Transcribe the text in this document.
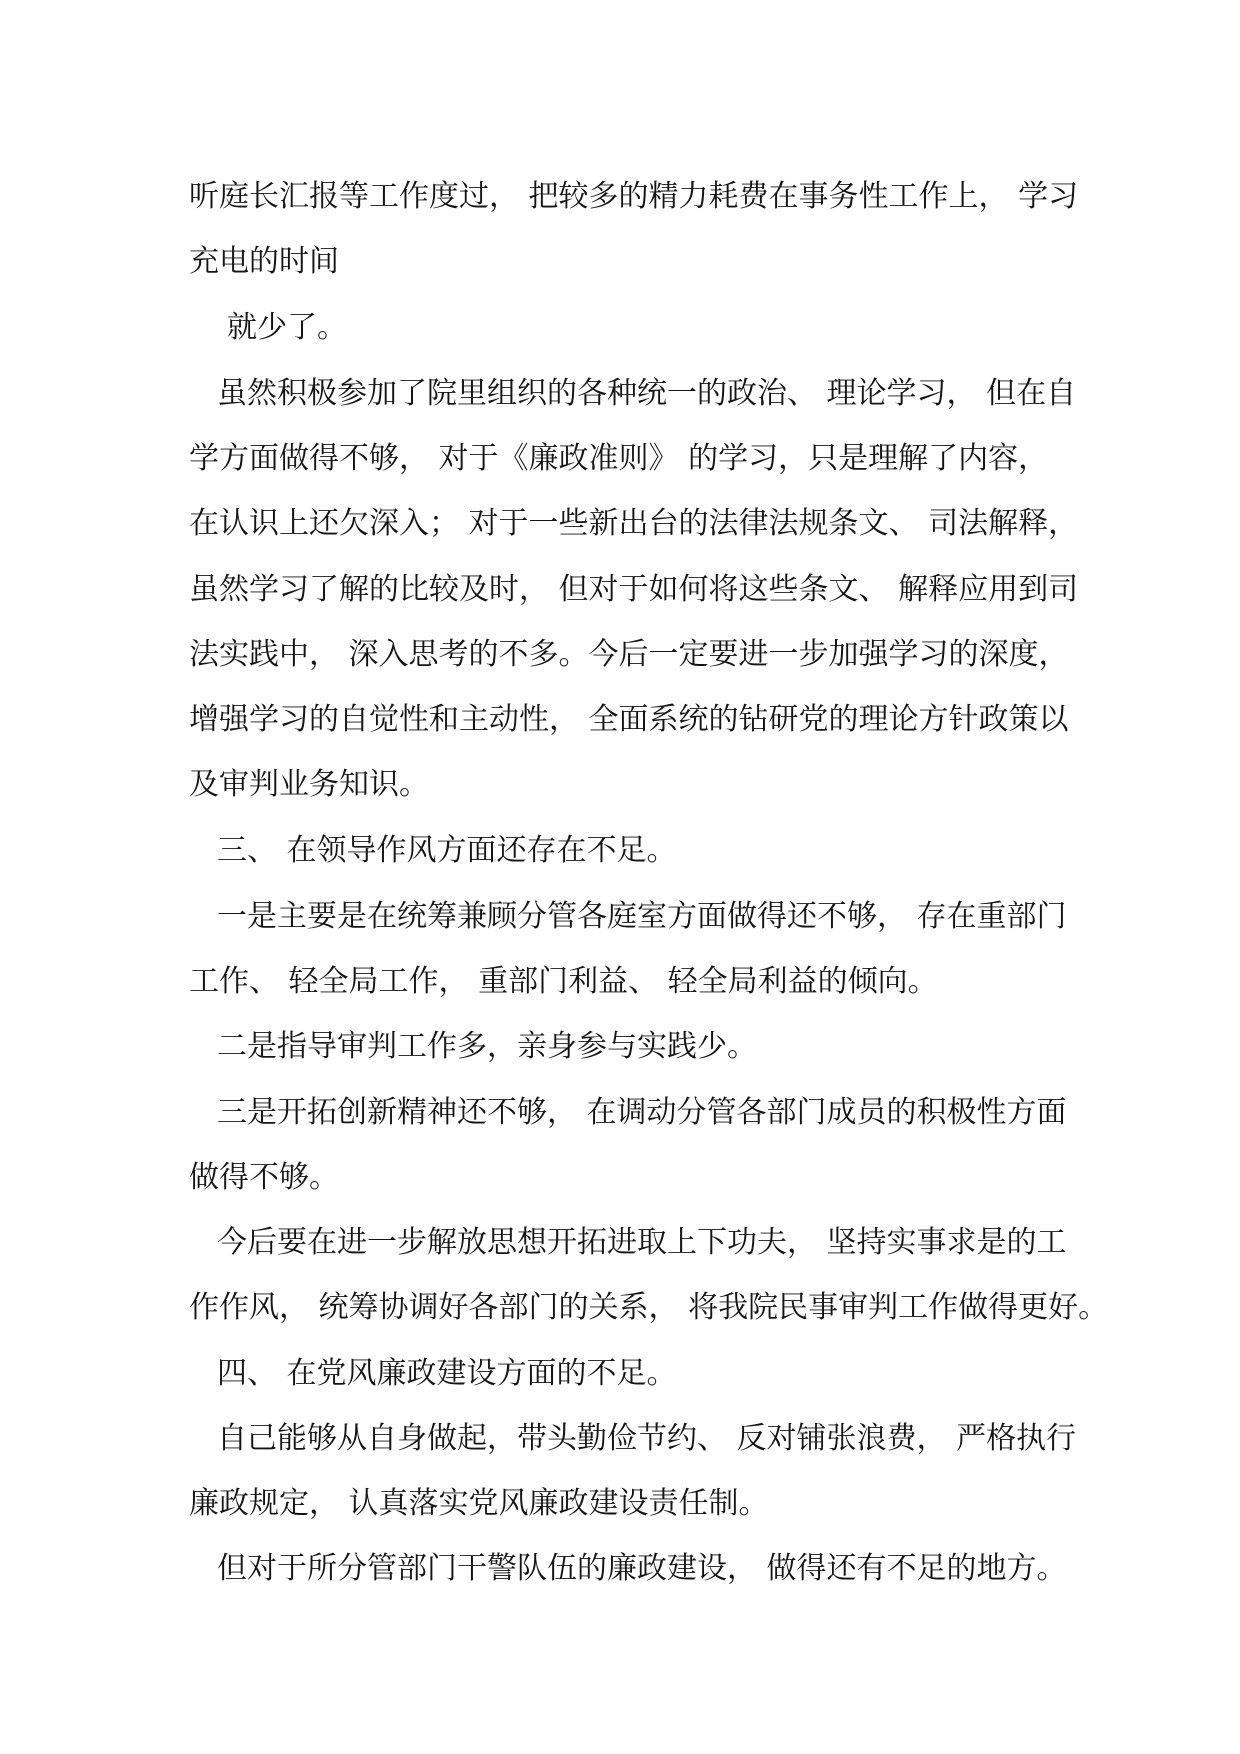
听庭长汇报等工作度过， 把较多的精力耗费在事务性工作上， 学习
充电的时间
就少了。
虽然积极参加了院里组织的各种统一的政治、 理论学习， 但在自
学方面做得不够， 对于《廉政准则》 的学习，只是理解了内容，
在认识上还欠深入； 对于一些新出台的法律法规条文、 司法解释，
虽然学习了解的比较及时， 但对于如何将这些条文、 解释应用到司
法实践中， 深入思考的不多。今后一定要进一步加强学习的深度，
增强学习的自觉性和主动性， 全面系统的钻研党的理论方针政策以
及审判业务知识。
三、 在领导作风方面还存在不足。
一是主要是在统筹兼顾分管各庭室方面做得还不够， 存在重部门
工作、 轻全局工作， 重部门利益、 轻全局利益的倾向。
二是指导审判工作多，亲身参与实践少。
三是开拓创新精神还不够， 在调动分管各部门成员的积极性方面
做得不够。
今后要在进一步解放思想开拓进取上下功夫， 坚持实事求是的工
作作风， 统筹协调好各部门的关系， 将我院民事审判工作做得更好。
四、 在党风廉政建设方面的不足。
自己能够从自身做起，带头勤俭节约、 反对铺张浪费， 严格执行
廉政规定， 认真落实党风廉政建设责任制。
但对于所分管部门干警队伍的廉政建设， 做得还有不足的地方。
